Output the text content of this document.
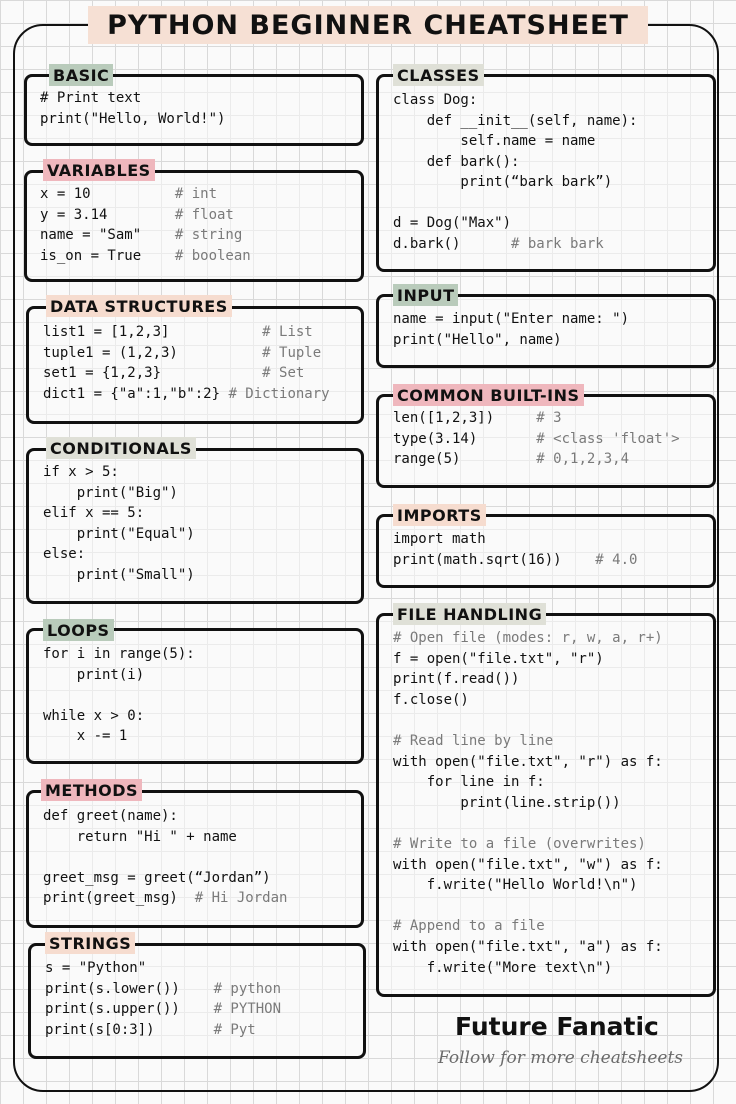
PYTHON BEGINNER CHEATSHEET
# Print text
print("Hello, World!")
BASIC
x = 10          # int
y = 3.14        # float
name = "Sam"    # string
is_on = True    # boolean
VARIABLES
list1 = [1,2,3]           # List
tuple1 = (1,2,3)          # Tuple
set1 = {1,2,3}            # Set
dict1 = {"a":1,"b":2} # Dictionary
DATA STRUCTURES
if x > 5:
print("Big")
elif x == 5:
print("Equal")
else:
print("Small")
CONDITIONALS
for i in range(5):
print(i)

while x > 0:
x -= 1
LOOPS
def greet(name):
return "Hi " + name

greet_msg = greet(“Jordan”)
print(greet_msg)  # Hi Jordan
METHODS
s = "Python"
print(s.lower())    # python
print(s.upper())    # PYTHON
print(s[0:3])       # Pyt
STRINGS
class Dog:
def __init__(self, name):
self.name = name
def bark():
print(“bark bark”)

d = Dog("Max")
d.bark()      # bark bark
CLASSES
name = input("Enter name: ")
print("Hello", name)
INPUT
len([1,2,3])     # 3
type(3.14)       # <class 'float'>
range(5)         # 0,1,2,3,4
COMMON BUILT-INS
import math
print(math.sqrt(16))    # 4.0
IMPORTS
# Open file (modes: r, w, a, r+)
f = open("file.txt", "r")
print(f.read())
f.close()

# Read line by line
with open("file.txt", "r") as f:
for line in f:
print(line.strip())

# Write to a file (overwrites)
with open("file.txt", "w") as f:
f.write("Hello World!\n")

# Append to a file
with open("file.txt", "a") as f:
f.write("More text\n")
FILE HANDLING
Future Fanatic
Follow for more cheatsheets
